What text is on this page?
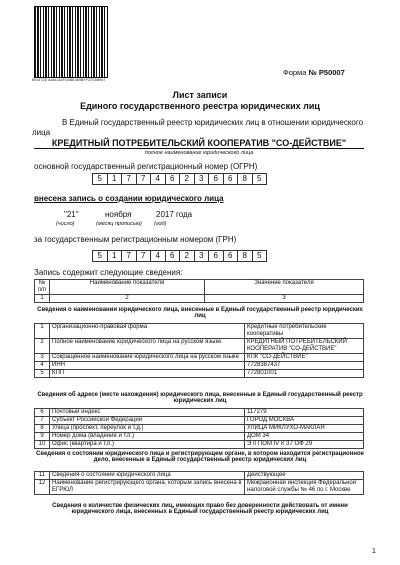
691572D A5ACA4FC6BE369BFF37D08967
Форма № Р50007
Лист записи
Единого государственного реестра юридических лиц
В Единый государственный реестр юридических лиц в отношении юридического
лица
КРЕДИТНЫЙ ПОТРЕБИТЕЛЬСКИЙ КООПЕРАТИВ "СО-ДЕЙСТВИЕ"
полное наименование юридического лица
основной государственный регистрационный номер (ОГРН)
5	1	7	7	4	6	2	3	6	6	8	5
внесена запись о создании юридического лица
"21"	ноября	2017 года
(число)	(месяц прописью) (год)
за государственным регистрационным номером (ГРН)
5	1	7	7	4	6	2	3	6	6	8	5
Запись содержит следующие сведения:
№ п/п	Наименование показателя	Значение показателя
1	2	3
Сведения о наименовании юридического лица, внесенные в Единый государственный реестр юридических лиц
1	Организационно-правовая форма	Кредитные потребительские кооперативы
2	Полное наименование юридического лица на русском языке	КРЕДИТНЫЙ ПОТРЕБИТЕЛЬСКИЙ КООПЕРАТИВ "СО-ДЕЙСТВИЕ"
3	Сокращенное наименование юридического лица на русском языке	КПК "СО-ДЕЙСТВИЕ"
4	ИНН	7728387437
5	КПП	772801001
Сведения об адресе (месте нахождения) юридического лица, внесенные в Единый государственный реестр юридических лиц
6	Почтовый индекс	117279
7	Субъект Российской Федерации	ГОРОД МОСКВА
8	Улица (проспект, переулок и т.д.)	УЛИЦА МИКЛУХО-МАКЛАЯ
9	Номер дома (владение и т.п.)	ДОМ 34
10	Офис (квартира и т.п.)	Э 0 ПОМ IV К 37 ОФ 29
Сведения о состоянии юридического лица и регистрирующем органе, в котором находится регистрационное дело, внесенные в Единый государственный реестр юридических лиц
11	Сведения о состоянии юридического лица	Действующее
12	Наименование регистрирующего органа, которым запись внесена в ЕГРЮЛ	Межрайонная инспекция Федеральной налоговой службы № 46 по г. Москве
Сведения о количестве физических лиц, имеющих право без доверенности действовать от имени юридического лица, внесенных в Единый государственный реестр юридических лиц
1
